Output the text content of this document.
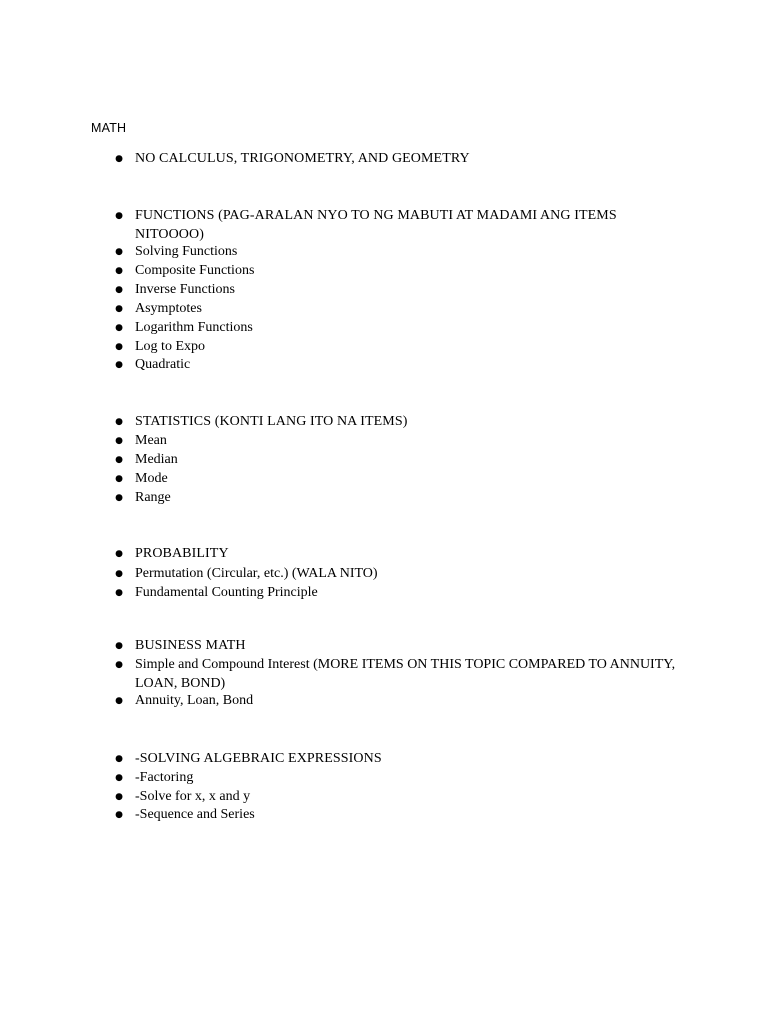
MATH
● NO CALCULUS, TRIGONOMETRY, AND GEOMETRY
● FUNCTIONS (PAG-ARALAN NYO TO NG MABUTI AT MADAMI ANG ITEMS NITOOOO)
● Solving Functions
● Composite Functions
● Inverse Functions
● Asymptotes
● Logarithm Functions
● Log to Expo
● Quadratic
● STATISTICS (KONTI LANG ITO NA ITEMS)
● Mean
● Median
● Mode
● Range
● PROBABILITY
● Permutation (Circular, etc.) (WALA NITO)
● Fundamental Counting Principle
● BUSINESS MATH
● Simple and Compound Interest (MORE ITEMS ON THIS TOPIC COMPARED TO ANNUITY, LOAN, BOND)
● Annuity, Loan, Bond
● -SOLVING ALGEBRAIC EXPRESSIONS
● -Factoring
● -Solve for x, x and y
● -Sequence and Series
